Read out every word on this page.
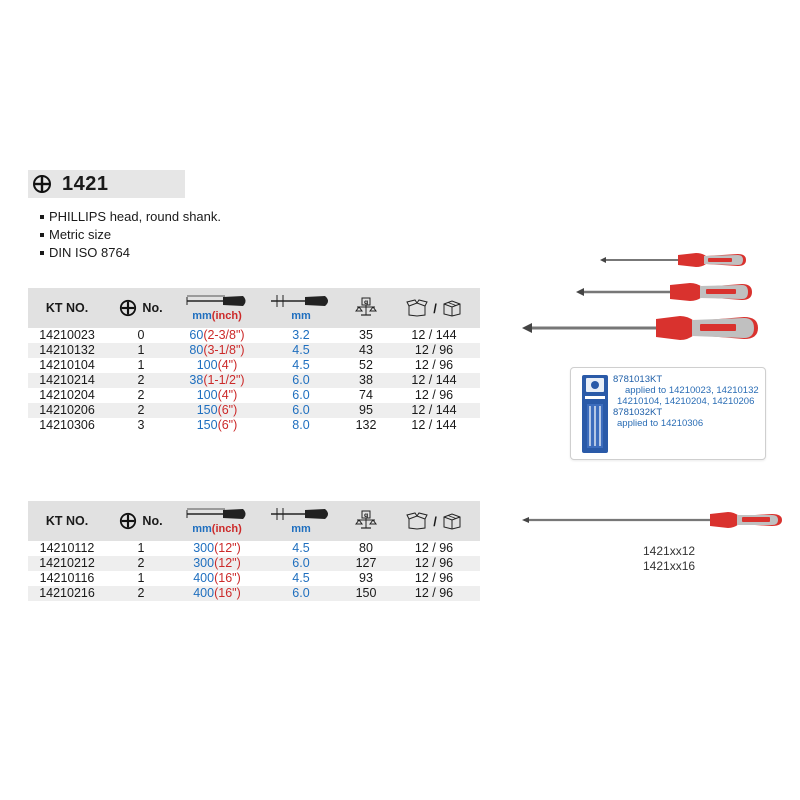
1421
PHILLIPS head, round shank.
Metric size
DIN ISO 8764
KT NO.	No.	mm(inch)	mm	g	/

14210023	0	60(2-3/8")	3.2	35	12 / 144
14210132	1	80(3-1/8")	4.5	43	12 / 96
14210104	1	100(4")	4.5	52	12 / 96
14210214	2	38(1-1/2")	6.0	38	12 / 144
14210204	2	100(4")	6.0	74	12 / 96
14210206	2	150(6")	6.0	95	12 / 144
14210306	3	150(6")	8.0	132	12 / 144
KT NO.	No.	mm(inch)	mm	g	/

14210112	1	300(12")	4.5	80	12 / 96
14210212	2	300(12")	6.0	127	12 / 96
14210116	1	400(16")	4.5	93	12 / 96
14210216	2	400(16")	6.0	150	12 / 96
8781013KT
applied to 14210023, 14210132
14210104, 14210204, 14210206
8781032KT
applied to 14210306
1421xx12
1421xx16
